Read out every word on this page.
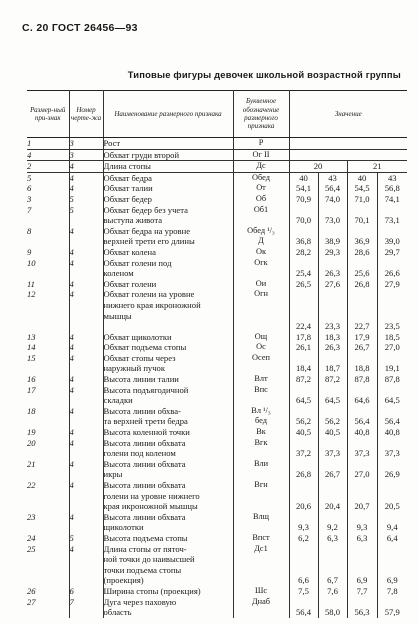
С. 20 ГОСТ 26456—93
Типовые фигуры девочек школьной возрастной группы
Размер-ный при-знак	Номер черте-жа	Наименование размерного признака	Буквенное обозначение размерного признака	Значение			
1	3	Рост	Р				
4	3	Обхват груди второй	Ог II				
2	4	Длина стопы	Дс	20		21	
5	4	Обхват бедра	Обед	40	43	40	43
6	4	Обхват талии	От	54,1	56,4	54,5	56,8
3	5	Обхват бедер	Об	70,9	74,0	71,0	74,1
7	5	Обхват бедер без учета	Об1				
		выступа живота		70,0	73,0	70,1	73,1
8	4	Обхват бедра на уровне	Обед ¹/₃				
		верхней трети его длины	Д	36,8	38,9	36,9	39,0
9	4	Обхват колена	Ок	28,2	29,3	28,6	29,7
10	4	Обхват голени под	Огк				
		коленом		25,4	26,3	25,6	26,6
11	4	Обхват голени	Ои	26,5	27,6	26,8	27,9
12	4	Обхват голени на уровне	Огн				
		нижнего края икроножной					
		мышцы					
				22,4	23,3	22,7	23,5
13	4	Обхват щиколотки	Ощ	17,8	18,3	17,9	18,5
14	4	Обхват подъема стопы	Ос	26,1	26,3	26,7	27,0
15	4	Обхват стопы через	Осеп				
		наружный пучок		18,4	18,7	18,8	19,1
16	4	Высота линии талии	Влт	87,2	87,2	87,8	87,8
17	4	Высота подъягодичной	Впс				
		складки		64,5	64,5	64,6	64,5
18	4	Высота линии обхва-	Вл ¹/₃				
		та верхней трети бедра	бед	56,2	56,2	56,4	56,4
19	4	Высота коленной точки	Вк	40,5	40,5	40,8	40,8
20	4	Высота линии обхвата	Вгк				
		голени под коленом		37,2	37,3	37,3	37,3
21	4	Высота линии обхвата	Вли				
		икры		26,8	26,7	27,0	26,9
22	4	Высота линии обхвата	Вгн				
		голени на уровне нижнего					
		края икроножной мышцы		20,6	20,4	20,7	20,5
23	4	Высота линии обхвата	Влщ				
		щиколотки		9,3	9,2	9,3	9,4
24	5	Высота подъема стопы	Впст	6,2	6,3	6,3	6,4
25	4	Длина стопы от пяточ-	Дс1				
		ной точки до наивысшей					
		точки подъема стопы					
		(проекция)		6,6	6,7	6,9	6,9
26	6	Ширина стопы (проекция)	Шс	7,5	7,6	7,7	7,8
27	7	Дуга через паховую	Днаб				
		область		56,4	58,0	56,3	57,9
